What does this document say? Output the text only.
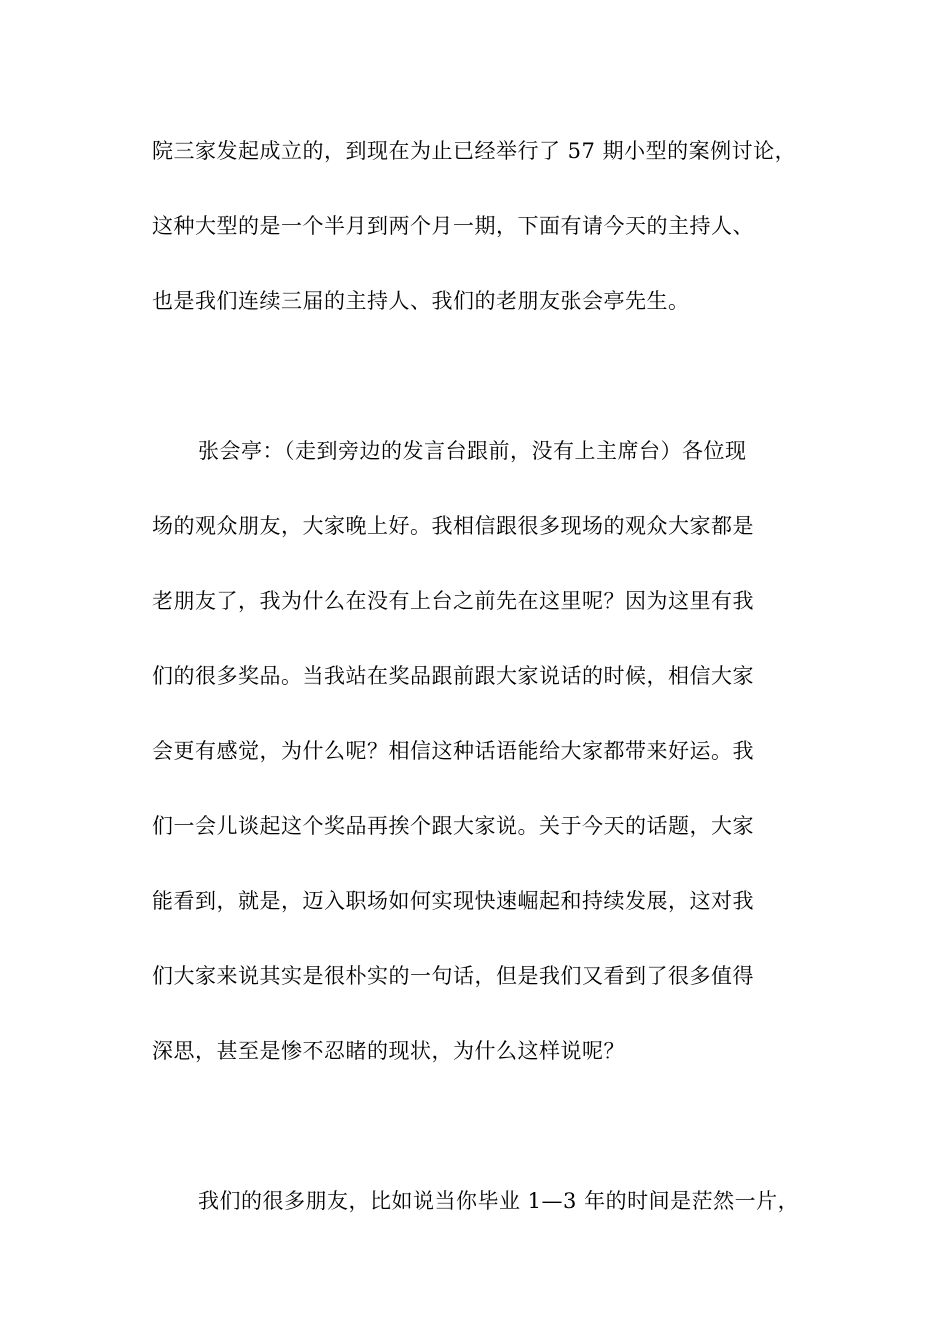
院三家发起成立的，到现在为止已经举行了 57 期小型的案例讨论，
这种大型的是一个半月到两个月一期，下面有请今天的主持人、
也是我们连续三届的主持人、我们的老朋友张会亭先生。
张会亭：（走到旁边的发言台跟前，没有上主席台）各位现
场的观众朋友，大家晚上好。我相信跟很多现场的观众大家都是
老朋友了，我为什么在没有上台之前先在这里呢？因为这里有我
们的很多奖品。当我站在奖品跟前跟大家说话的时候，相信大家
会更有感觉，为什么呢？相信这种话语能给大家都带来好运。我
们一会儿谈起这个奖品再挨个跟大家说。关于今天的话题，大家
能看到，就是，迈入职场如何实现快速崛起和持续发展，这对我
们大家来说其实是很朴实的一句话，但是我们又看到了很多值得
深思，甚至是惨不忍睹的现状，为什么这样说呢？
我们的很多朋友，比如说当你毕业 1—3 年的时间是茫然一片，
